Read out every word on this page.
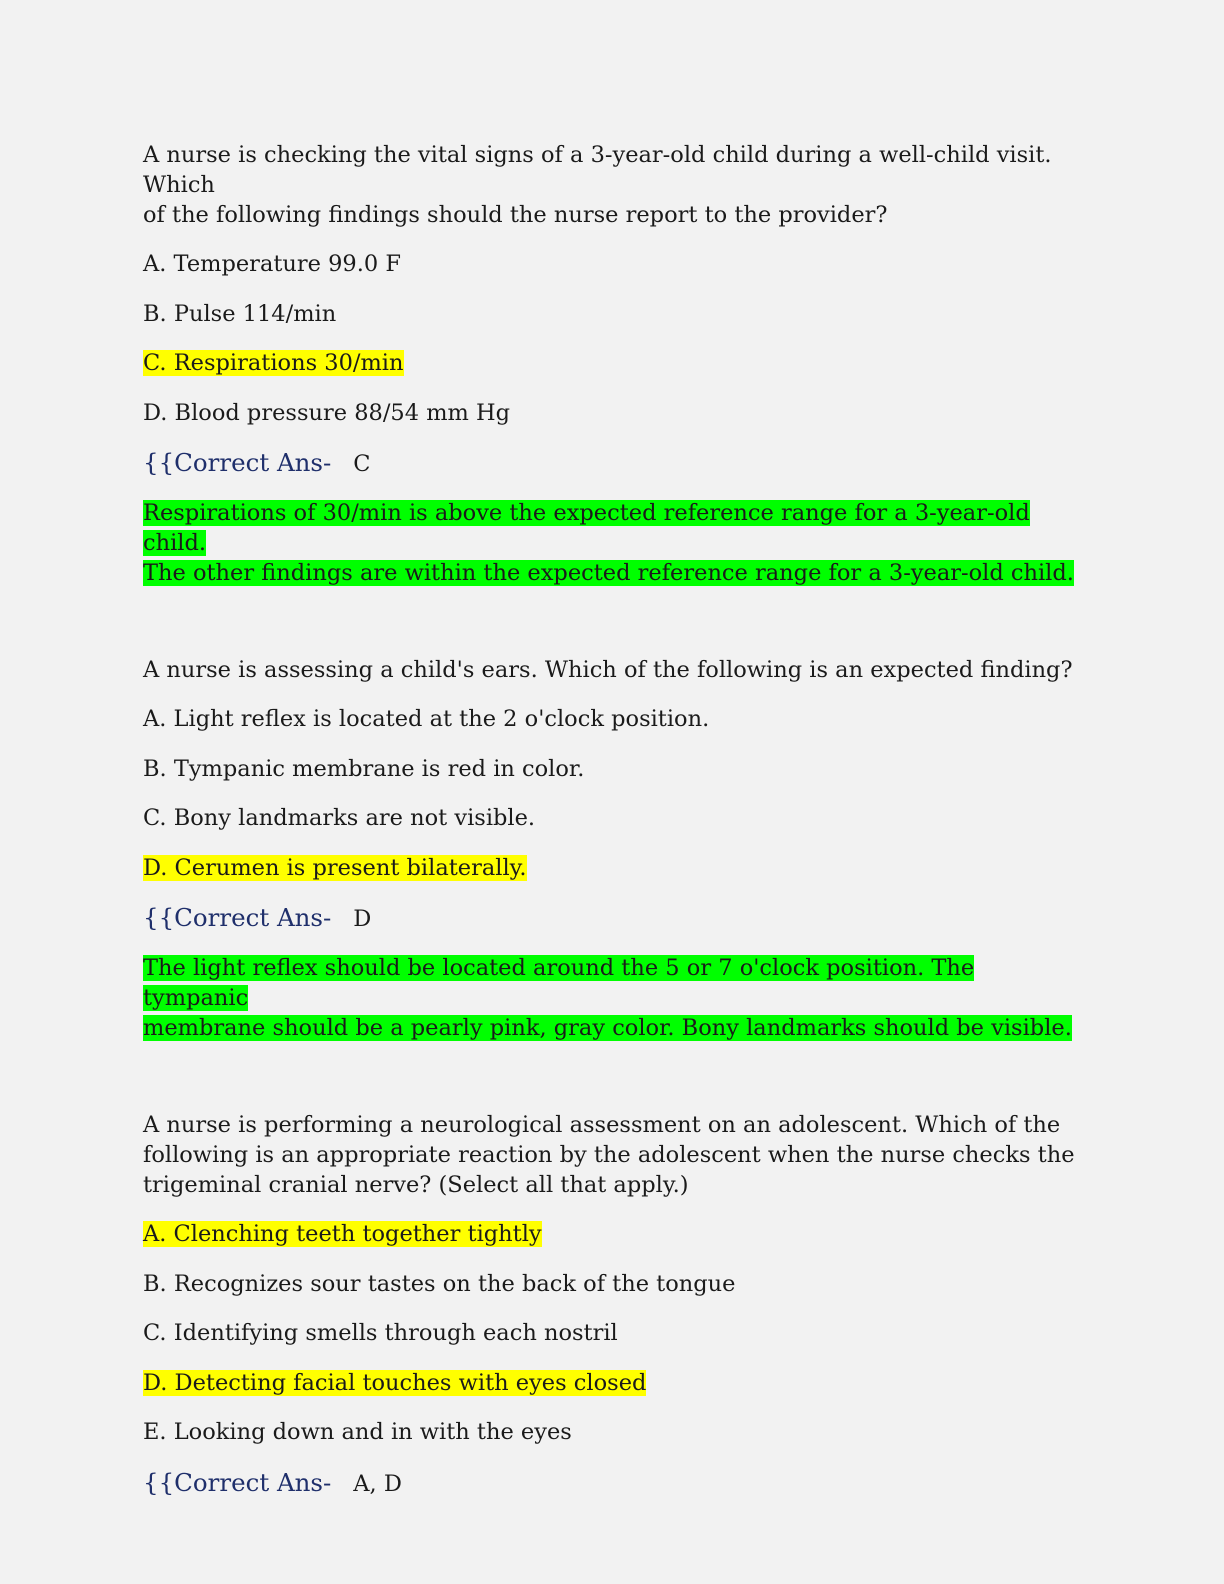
A nurse is checking the vital signs of a 3-year-old child during a well-child visit. Which
of the following findings should the nurse report to the provider?

A. Temperature 99.0 F

B. Pulse 114/min

C. Respirations 30/min

D. Blood pressure 88/54 mm Hg

{{Correct Ans- C

Respirations of 30/min is above the expected reference range for a 3-year-old child.
The other findings are within the expected reference range for a 3-year-old child.

A nurse is assessing a child's ears. Which of the following is an expected finding?

A. Light reflex is located at the 2 o'clock position.

B. Tympanic membrane is red in color.

C. Bony landmarks are not visible.

D. Cerumen is present bilaterally.

{{Correct Ans- D

The light reflex should be located around the 5 or 7 o'clock position. The tympanic
membrane should be a pearly pink, gray color. Bony landmarks should be visible.

A nurse is performing a neurological assessment on an adolescent. Which of the
following is an appropriate reaction by the adolescent when the nurse checks the
trigeminal cranial nerve? (Select all that apply.)

A. Clenching teeth together tightly

B. Recognizes sour tastes on the back of the tongue

C. Identifying smells through each nostril

D. Detecting facial touches with eyes closed

E. Looking down and in with the eyes

{{Correct Ans- A, D
